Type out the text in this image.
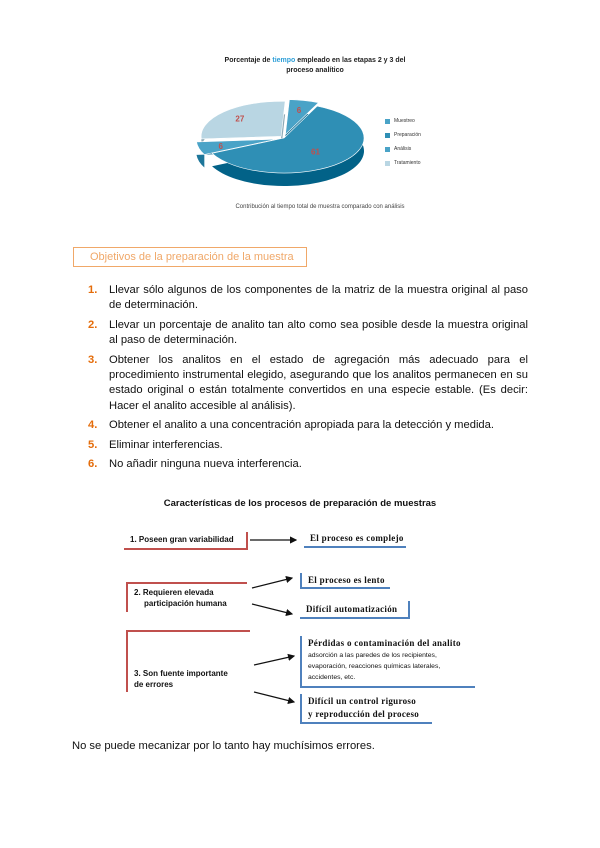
Porcentaje de tiempo empleado en las etapas 2 y 3 del
proceso analítico
6
61
6
27	Muestreo
Preparación
Análisis
Tratamiento
Contribución al tiempo total de muestra comparado con análisis
Objetivos de la preparación de la muestra
1. Llevar sólo algunos de los componentes de la matriz de la muestra original al paso de determinación.
2. Llevar un porcentaje de analito tan alto como sea posible desde la muestra original al paso de determinación.
3. Obtener los analitos en el estado de agregación más adecuado para el procedimiento instrumental elegido, asegurando que los analitos permanecen en su estado original o están totalmente convertidos en una especie estable. (Es decir: Hacer el analito accesible al análisis).
4. Obtener el analito a una concentración apropiada para la detección y medida.
5. Eliminar interferencias.
6. No añadir ninguna nueva interferencia.
Características de los procesos de preparación de muestras
1. Poseen gran variabilidad
2. Requieren elevada
participación humana
3. Son fuente importante
de errores
El proceso es complejo
El proceso es lento
Difícil automatización
Pérdidas o contaminación del analito
adsorción a las paredes de los recipientes,
evaporación, reacciones químicas laterales,
accidentes, etc.
Difícil un control riguroso
y reproducción del proceso
No se puede mecanizar por lo tanto hay muchísimos errores.
